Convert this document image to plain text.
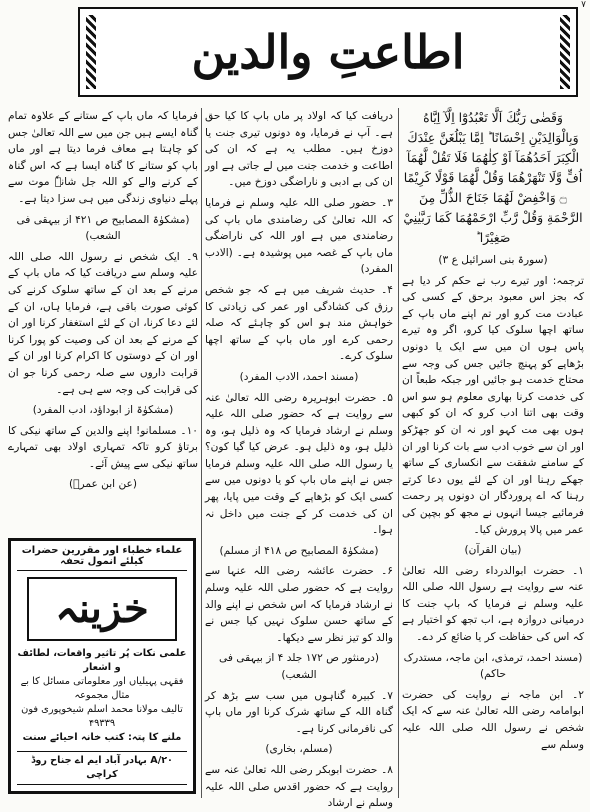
۷
اطاعتِ والدین

وَقَضٰى رَبُّكَ اَلَّا تَعْبُدُوْٓا اِلَّآ اِيَّاهُ وَبِالْوَالِدَيْنِ اِحْسَانًا ؕ اِمَّا يَبْلُغَنَّ عِنْدَكَ الْكِبَرَ اَحَدُهُمَآ اَوْ كِلٰهُمَا فَلَا تَقُلْ لَّهُمَآ اُفٍّ وَّلَا تَنْهَرْهُمَا وَقُلْ لَّهُمَا قَوْلًا كَرِيْمًا ۝ وَاخْفِضْ لَهُمَا جَنَاحَ الذُّلِّ مِنَ الرَّحْمَةِ وَقُلْ رَّبِّ ارْحَمْهُمَا كَمَا رَبَّيٰنِيْ صَغِيْرًا ؕ

(سورۃ بنی اسرائیل ع ۳)

ترجمہ: اور تیرے رب نے حکم کر دیا ہے کہ بجز اس معبود برحق کے کسی کی عبادت مت کرو اور تم اپنے ماں باپ کے ساتھ اچھا سلوک کیا کرو، اگر وہ تیرے پاس ہوں ان میں سے ایک یا دونوں بڑھاپے کو پہنچ جائیں جس کی وجہ سے محتاج خدمت ہو جائیں اور جبکہ طبعاً ان کی خدمت کرنا بھاری معلوم ہو سو اس وقت بھی اتنا ادب کرو کہ ان کو کبھی ہوں بھی مت کہو اور نہ ان کو جھڑکو اور ان سے خوب ادب سے بات کرنا اور ان کے سامنے شفقت سے انکساری کے ساتھ جھکے رہنا اور ان کے لئے یوں دعا کرتے رہنا کہ اے پروردگار ان دونوں پر رحمت فرمائیے جیسا انہوں نے مجھ کو بچپن کی عمر میں پالا پرورش کیا۔

(بیان القرآن)

۱۔ حضرت ابوالدرداء رضی اللہ تعالیٰ عنہ سے روایت ہے رسول اللہ صلی اللہ علیہ وسلم نے فرمایا کہ باپ جنت کا درمیانی دروازہ ہے، اب تجھ کو اختیار ہے کہ اس کی حفاظت کر یا ضائع کر دے۔

(مسند احمد، ترمذی، ابن ماجہ، مستدرک حاکم)

۲۔ ابن ماجہ نے روایت کی حضرت ابوامامہ رضی اللہ تعالیٰ عنہ سے کہ ایک شخص نے رسول اللہ صلی اللہ علیہ وسلم سے

دریافت کیا کہ اولاد پر ماں باپ کا کیا حق ہے۔ آپ نے فرمایا، وہ دونوں تیری جنت یا دوزخ ہیں۔ مطلب یہ ہے کہ ان کی اطاعت و خدمت جنت میں لے جاتی ہے اور ان کی بے ادبی و ناراضگی دوزخ میں۔

۳۔ حضور صلی اللہ علیہ وسلم نے فرمایا کہ اللہ تعالیٰ کی رضامندی ماں باپ کی رضامندی میں ہے اور اللہ کی ناراضگی ماں باپ کے غصہ میں پوشیدہ ہے۔ (الادب المفرد)

۴۔ حدیث شریف میں ہے کہ جو شخص رزق کی کشادگی اور عمر کی زیادتی کا خواہش مند ہو اس کو چاہئے کہ صلہ رحمی کرے اور ماں باپ کے ساتھ اچھا سلوک کرے۔

(مسند احمد، الادب المفرد)

۵۔ حضرت ابوہریرہ رضی اللہ تعالیٰ عنہ سے روایت ہے کہ حضور صلی اللہ علیہ وسلم نے ارشاد فرمایا کہ وہ ذلیل ہو، وہ ذلیل ہو، وہ ذلیل ہو۔ عرض کیا گیا کون؟ یا رسول اللہ صلی اللہ علیہ وسلم فرمایا جس نے اپنے ماں باپ کو یا دونوں میں سے کسی ایک کو بڑھاپے کے وقت میں پایا، پھر ان کی خدمت کر کے جنت میں داخل نہ ہوا۔

(مشکوٰۃ المصابیح ص ۴۱۸ از مسلم)

۶۔ حضرت عائشہ رضی اللہ عنہا سے روایت ہے کہ حضور صلی اللہ علیہ وسلم نے ارشاد فرمایا کہ اس شخص نے اپنے والد کے ساتھ حسن سلوک نہیں کیا جس نے والد کو تیز نظر سے دیکھا۔

(درمنثور ص ۱۷۲ جلد ۴ از بیہقی فی الشعب)

۷۔ کبیرہ گناہوں میں سب سے بڑھ کر گناہ اللہ کے ساتھ شرک کرنا اور ماں باپ کی نافرمانی کرنا ہے۔

(مسلم، بخاری)

۸۔ حضرت ابوبکر رضی اللہ تعالیٰ عنہ سے روایت ہے کہ حضور اقدس صلی اللہ علیہ وسلم نے ارشاد

فرمایا کہ ماں باپ کے ستانے کے علاوہ تمام گناہ ایسے ہیں جن میں سے اللہ تعالیٰ جس کو چاہتا ہے معاف فرما دیتا ہے اور ماں باپ کو ستانے کا گناہ ایسا ہے کہ اس گناہ کے کرنے والے کو اللہ جل شانہٗ موت سے پہلے دنیاوی زندگی میں ہی سزا دیتا ہے۔

(مشکوٰۃ المصابیح ص ۴۲۱ از بیہقی فی الشعب)

۹۔ ایک شخص نے رسول اللہ صلی اللہ علیہ وسلم سے دریافت کیا کہ ماں باپ کے مرنے کے بعد ان کے ساتھ سلوک کرنے کی کوئی صورت باقی ہے، فرمایا ہاں، ان کے لئے دعا کرنا، ان کے لئے استغفار کرنا اور ان کے مرنے کے بعد ان کی وصیت کو پورا کرنا اور ان کے دوستوں کا اکرام کرنا اور ان کے قرابت داروں سے صلہ رحمی کرنا جو ان کی قرابت کی وجہ سے ہی ہے۔

(مشکوٰۃ از ابوداؤد، ادب المفرد)

۱۰۔ مسلمانو! اپنے والدین کے ساتھ نیکی کا برتاؤ کرو تاکہ تمہاری اولاد بھی تمہارے ساتھ نیکی سے پیش آئے۔

(عن ابن عمرؓ)

علماء خطباء اور مقررین حضرات کیلئے انمول تحفہ
خزینہ
علمی نکات پُر تاثیر واقعات، لطائف و اشعار
فقہی پہیلیاں اور معلوماتی مسائل کا بے مثال مجموعہ
تالیف مولانا محمد اسلم شیخوپوری فون ۴۹۳۳۹
ملنے کا پتہ: کتب خانہ احیائے سنت
۲۰/A بہادر آباد ایم اے جناح روڈ کراچی
